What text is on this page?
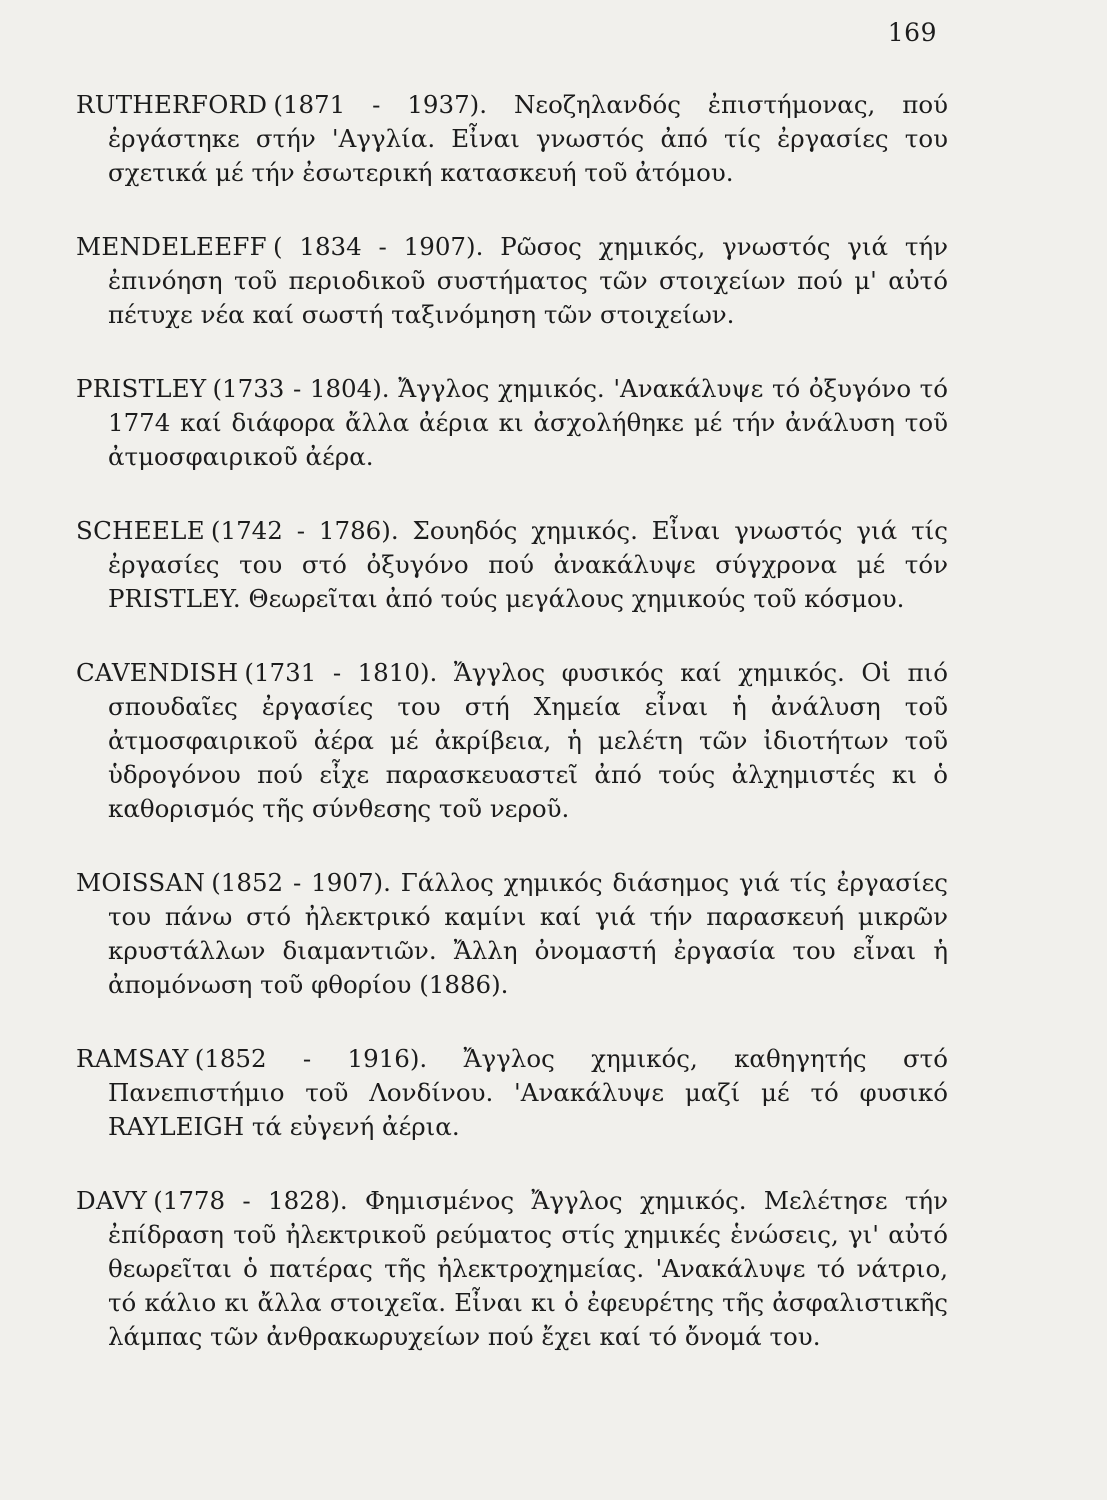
169

RUTHERFORD (1871 - 1937). Νεοζηλανδός ἐπιστήμονας, πού ἐργάστηκε στήν 'Αγγλία. Εἶναι γνωστός ἀπό τίς ἐργασίες του σχετικά μέ τήν ἐσωτερική κατασκευή τοῦ ἀτόμου.

MENDELEEFF ( 1834 - 1907). Ρῶσος χημικός, γνωστός γιά τήν ἐπινόηση τοῦ περιοδικοῦ συστήματος τῶν στοιχείων πού μ' αὐτό πέτυχε νέα καί σωστή ταξινόμηση τῶν στοιχείων.

PRISTLEY (1733 - 1804). Ἄγγλος χημικός. 'Ανακάλυψε τό ὀξυγόνο τό 1774 καί διάφορα ἄλλα ἀέρια κι ἀσχολήθηκε μέ τήν ἀνάλυση τοῦ ἀτμοσφαιρικοῦ ἀέρα.

SCHEELE (1742 - 1786). Σουηδός χημικός. Εἶναι γνωστός γιά τίς ἐργασίες του στό ὀξυγόνο πού ἀνακάλυψε σύγχρονα μέ τόν PRISTLEY. Θεωρεῖται ἀπό τούς μεγάλους χημικούς τοῦ κόσμου.

CAVENDISH (1731 - 1810). Ἄγγλος φυσικός καί χημικός. Οἱ πιό σπουδαῖες ἐργασίες του στή Χημεία εἶναι ἡ ἀνάλυση τοῦ ἀτμοσφαιρικοῦ ἀέρα μέ ἀκρίβεια, ἡ μελέτη τῶν ἰδιοτήτων τοῦ ὑδρογόνου πού εἶχε παρασκευαστεῖ ἀπό τούς ἀλχημιστές κι ὁ καθορισμός τῆς σύνθεσης τοῦ νεροῦ.

MOISSAN (1852 - 1907). Γάλλος χημικός διάσημος γιά τίς ἐργασίες του πάνω στό ἠλεκτρικό καμίνι καί γιά τήν παρασκευή μικρῶν κρυστάλλων διαμαντιῶν. Ἄλλη ὀνομαστή ἐργασία του εἶναι ἡ ἀπομόνωση τοῦ φθορίου (1886).

RAMSAY (1852 - 1916). Ἄγγλος χημικός, καθηγητής στό Πανεπιστήμιο τοῦ Λονδίνου. 'Ανακάλυψε μαζί μέ τό φυσικό RAYLEIGH τά εὐγενή ἀέρια.

DAVY (1778 - 1828). Φημισμένος Ἄγγλος χημικός. Μελέτησε τήν ἐπίδραση τοῦ ἠλεκτρικοῦ ρεύματος στίς χημικές ἑνώσεις, γι' αὐτό θεωρεῖται ὁ πατέρας τῆς ἠλεκτροχημείας. 'Ανακάλυψε τό νάτριο, τό κάλιο κι ἄλλα στοιχεῖα. Εἶναι κι ὁ ἐφευρέτης τῆς ἀσφαλιστικῆς λάμπας τῶν ἀνθρακωρυχείων πού ἔχει καί τό ὄνομά του.
